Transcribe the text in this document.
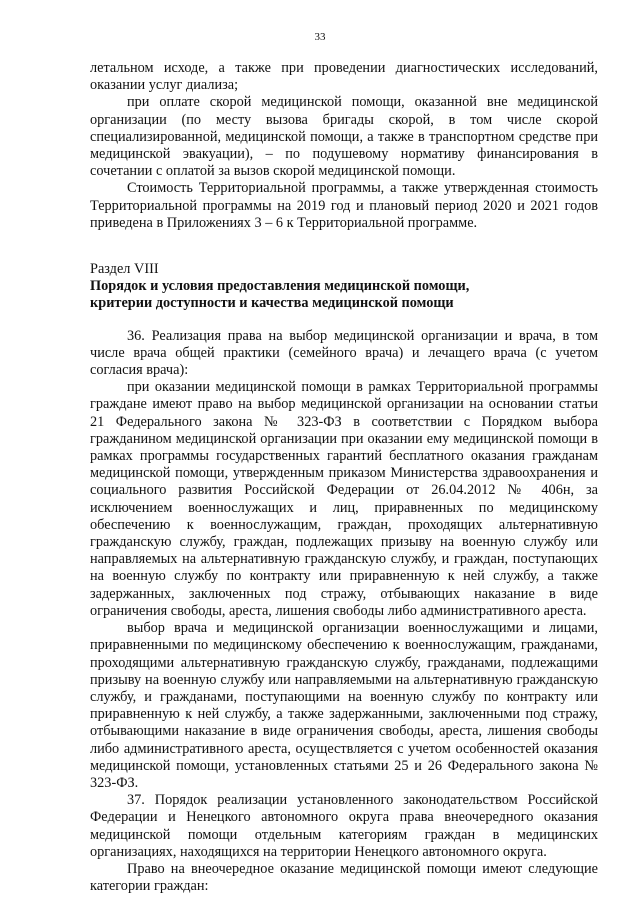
33

летальном исходе, а также при проведении диагностических исследований, оказании услуг диализа;

при оплате скорой медицинской помощи, оказанной вне медицинской организации (по месту вызова бригады скорой, в том числе скорой специализированной, медицинской помощи, а также в транспортном средстве при медицинской эвакуации), – по подушевому нормативу финансирования в сочетании с оплатой за вызов скорой медицинской помощи.

Стоимость Территориальной программы, а также утвержденная стоимость Территориальной программы на 2019 год и плановый период 2020 и 2021 годов приведена в Приложениях 3 – 6 к Территориальной программе.

Раздел VIII

Порядок и условия предоставления медицинской помощи,

критерии доступности и качества медицинской помощи

36. Реализация права на выбор медицинской организации и врача, в том числе врача общей практики (семейного врача) и лечащего врача (с учетом согласия врача):

при оказании медицинской помощи в рамках Территориальной программы граждане имеют право на выбор медицинской организации на основании статьи 21 Федерального закона № 323-ФЗ в соответствии с Порядком выбора гражданином медицинской организации при оказании ему медицинской помощи в рамках программы государственных гарантий бесплатного оказания гражданам медицинской помощи, утвержденным приказом Министерства здравоохранения и социального развития Российской Федерации от 26.04.2012 № 406н, за исключением военнослужащих и лиц, приравненных по медицинскому обеспечению к военнослужащим, граждан, проходящих альтернативную гражданскую службу, граждан, подлежащих призыву на военную службу или направляемых на альтернативную гражданскую службу, и граждан, поступающих на военную службу по контракту или приравненную к ней службу, а также задержанных, заключенных под стражу, отбывающих наказание в виде ограничения свободы, ареста, лишения свободы либо административного ареста.

выбор врача и медицинской организации военнослужащими и лицами, приравненными по медицинскому обеспечению к военнослужащим, гражданами, проходящими альтернативную гражданскую службу, гражданами, подлежащими призыву на военную службу или направляемыми на альтернативную гражданскую службу, и гражданами, поступающими на военную службу по контракту или приравненную к ней службу, а также задержанными, заключенными под стражу, отбывающими наказание в виде ограничения свободы, ареста, лишения свободы либо административного ареста, осуществляется с учетом особенностей оказания медицинской помощи, установленных статьями 25 и 26 Федерального закона № 323-ФЗ.

37. Порядок реализации установленного законодательством Российской Федерации и Ненецкого автономного округа права внеочередного оказания медицинской помощи отдельным категориям граждан в медицинских организациях, находящихся на территории Ненецкого автономного округа.

Право на внеочередное оказание медицинской помощи имеют следующие категории граждан:
